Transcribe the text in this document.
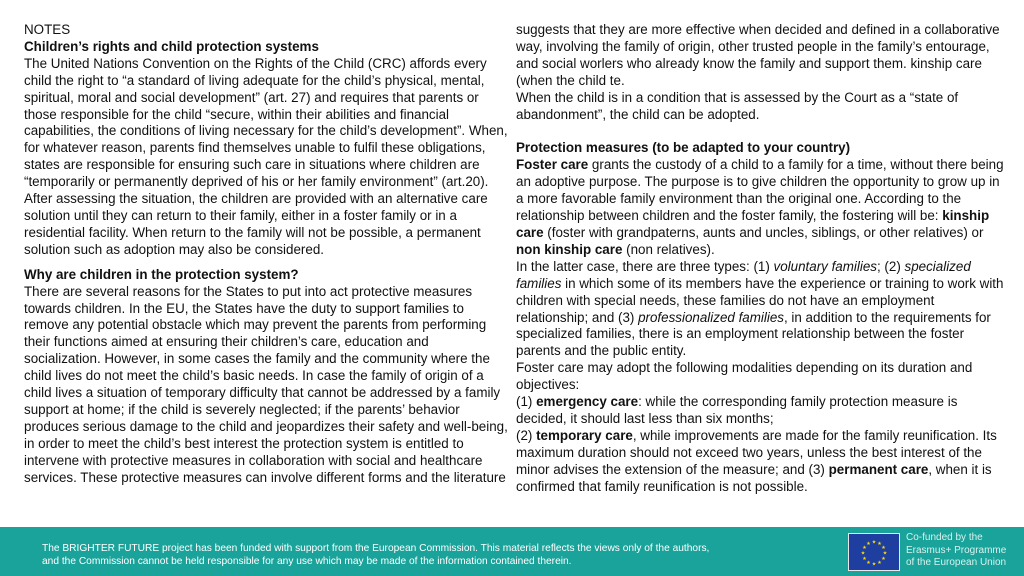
NOTES

Children’s rights and child protection systems

The United Nations Convention on the Rights of the Child (CRC) affords every child the right to “a standard of living adequate for the child’s physical, mental, spiritual, moral and social development” (art. 27) and requires that parents or those responsible for the child “secure, within their abilities and financial capabilities, the conditions of living necessary for the child’s development”. When, for whatever reason, parents find themselves unable to fulfil these obligations, states are responsible for ensuring such care in situations where children are “temporarily or permanently deprived of his or her family environment” (art.20). After assessing the situation, the children are provided with an alternative care solution until they can return to their family, either in a foster family or in a residential facility. When return to the family will not be possible, a permanent solution such as adoption may also be considered.

Why are children in the protection system?

There are several reasons for the States to put into act protective measures towards children. In the EU, the States have the duty to support families to remove any potential obstacle which may prevent the parents from performing their functions aimed at ensuring their children’s care, education and socialization. However, in some cases the family and the community where the child lives do not meet the child’s basic needs. In case the family of origin of a child lives a situation of temporary difficulty that cannot be addressed by a family support at home; if the child is severely neglected; if the parents’ behavior produces serious damage to the child and jeopardizes their safety and well-being, in order to meet the child’s best interest the protection system is entitled to intervene with protective measures in collaboration with social and healthcare services. These protective measures can involve different forms and the literature

suggests that they are more effective when decided and defined in a collaborative way, involving the family of origin, other trusted people in the family’s entourage, and social worlers who already know the family and support them. kinship care (when the child te.

When the child is in a condition that is assessed by the Court as a “state of abandonment”, the child can be adopted.

Protection measures (to be adapted to your country)

Foster care grants the custody of a child to a family for a time, without there being an adoptive purpose. The purpose is to give children the opportunity to grow up in a more favorable family environment than the original one. According to the relationship between children and the foster family, the fostering will be: kinship care (foster with grandpaterns, aunts and uncles, siblings, or other relatives) or non kinship care (non relatives).

In the latter case, there are three types: (1) voluntary families; (2) specialized families in which some of its members have the experience or training to work with children with special needs, these families do not have an employment relationship; and (3) professionalized families, in addition to the requirements for specialized families, there is an employment relationship between the foster parents and the public entity.

Foster care may adopt the following modalities depending on its duration and objectives:

(1) emergency care: while the corresponding family protection measure is decided, it should last less than six months;

(2) temporary care, while improvements are made for the family reunification. Its maximum duration should not exceed two years, unless the best interest of the minor advises the extension of the measure; and (3) permanent care, when it is confirmed that family reunification is not possible.

The BRIGHTER FUTURE project has been funded with support from the European Commission. This material reflects the views only of the authors,
and the Commission cannot be held responsible for any use which may be made of the information contained therein.
★ ★
★
★
★
★
★
★
★
★
★
★
Co-funded by the
Erasmus+ Programme
of the European Union
